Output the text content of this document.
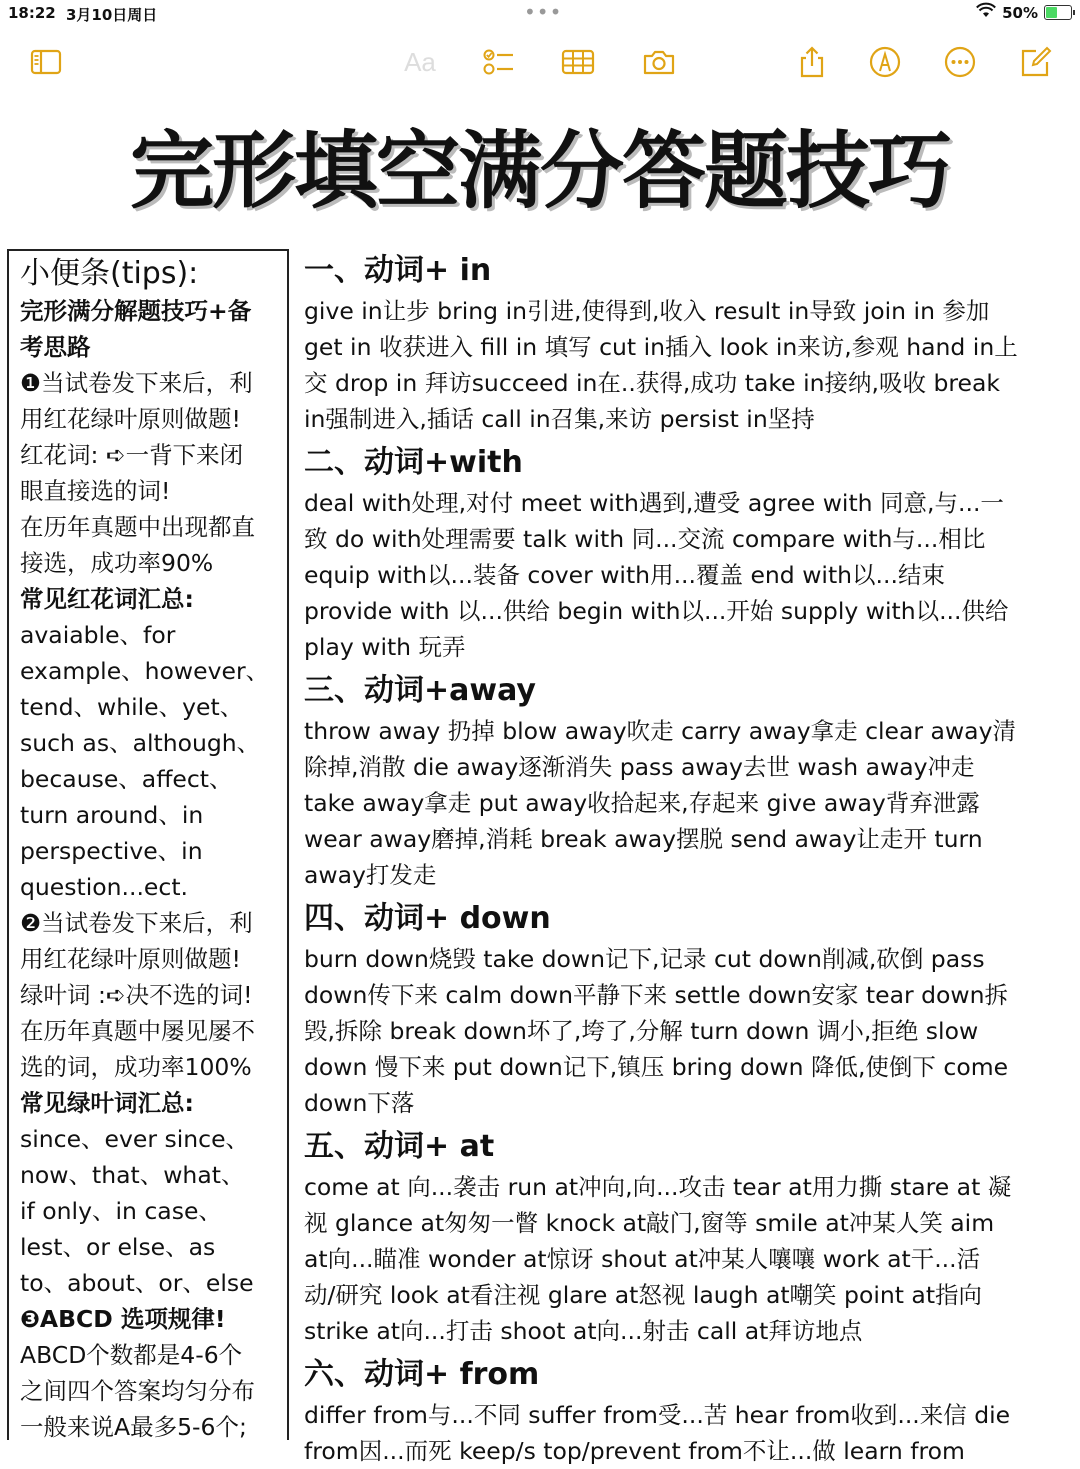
18:22 3月10日周日	•••	50%
Aa
完形填空满分答题技巧
小便条(tips):
完形满分解题技巧+备
考思路
❶当试卷发下来后，利
用红花绿叶原则做题!
红花词: ➪一背下来闭
眼直接选的词!
在历年真题中出现都直
接选，成功率90%
常见红花词汇总:
avaiable、for
example、however、
tend、while、yet、
such as、although、
because、affect、
turn around、in
perspective、in
question...ect.
❷当试卷发下来后，利
用红花绿叶原则做题!
绿叶词 :➪决不选的词!
在历年真题中屡见屡不
选的词，成功率100%
常见绿叶词汇总:
since、ever since、
now、that、what、
if only、in case、
lest、or else、as
to、about、or、else
❸ABCD 选项规律!
ABCD个数都是4-6个
之间四个答案均匀分布
一般来说A最多5-6个;
一、动词+ in
give in让步 bring in引进,使得到,收入 result in导致 join in 参加
get in 收获进入 fill in 填写 cut in插入 look in来访,参观 hand in上
交 drop in 拜访succeed in在..获得,成功 take in接纳,吸收 break
in强制进入,插话 call in召集,来访 persist in坚持
二、动词+with
deal with处理,对付 meet with遇到,遭受 agree with 同意,与...一
致 do with处理需要 talk with 同...交流 compare with与...相比
equip with以...装备 cover with用...覆盖 end with以...结束
provide with 以...供给 begin with以...开始 supply with以...供给
play with 玩弄
三、动词+away
throw away 扔掉 blow away吹走 carry away拿走 clear away清
除掉,消散 die away逐渐消失 pass away去世 wash away冲走
take away拿走 put away收拾起来,存起来 give away背弃泄露
wear away磨掉,消耗 break away摆脱 send away让走开 turn
away打发走
四、动词+ down
burn down烧毁 take down记下,记录 cut down削减,砍倒 pass
down传下来 calm down平静下来 settle down安家 tear down拆
毁,拆除 break down坏了,垮了,分解 turn down 调小,拒绝 slow
down 慢下来 put down记下,镇压 bring down 降低,使倒下 come
down下落
五、动词+ at
come at 向...袭击 run at冲向,向...攻击 tear at用力撕 stare at 凝
视 glance at匆匆一瞥 knock at敲门,窗等 smile at冲某人笑 aim
at向...瞄准 wonder at惊讶 shout at冲某人嚷嚷 work at干...活
动/研究 look at看注视 glare at怒视 laugh at嘲笑 point at指向
strike at向...打击 shoot at向...射击 call at拜访地点
六、动词+ from
differ from与...不同 suffer from受...苦 hear from收到...来信 die
from因...而死 keep/s top/prevent from不让...做 learn from
